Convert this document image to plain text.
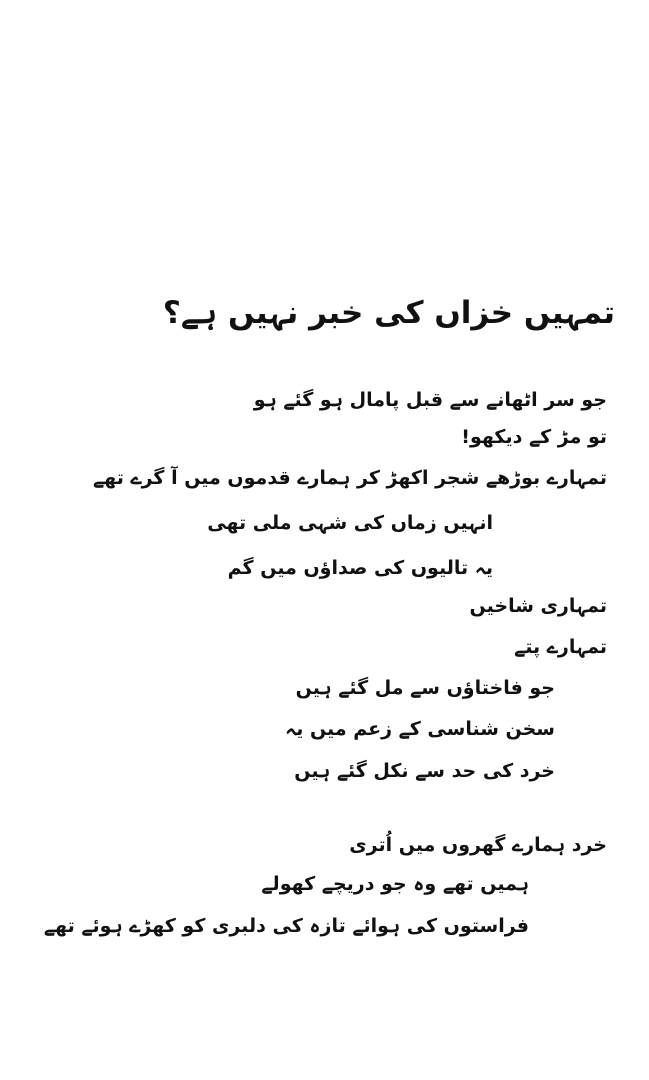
تمہیں خزاں کی خبر نہیں ہے؟
جو سر اٹھانے سے قبل پامال ہو گئے ہو
تو مڑ کے دیکھو!
تمہارے بوڑھے شجر اکھڑ کر ہمارے قدموں میں آ گرے تھے
انہیں زماں کی شہی ملی تھی
یہ تالیوں کی صداؤں میں گم
تمہاری شاخیں
تمہارے پتے
جو فاختاؤں سے مل گئے ہیں
سخن شناسی کے زعم میں یہ
خرد کی حد سے نکل گئے ہیں
خرد ہمارے گھروں میں اُتری
ہمیں تھے وہ جو دریچے کھولے
فراستوں کی ہوائے تازہ کی دلبری کو کھڑے ہوئے تھے
